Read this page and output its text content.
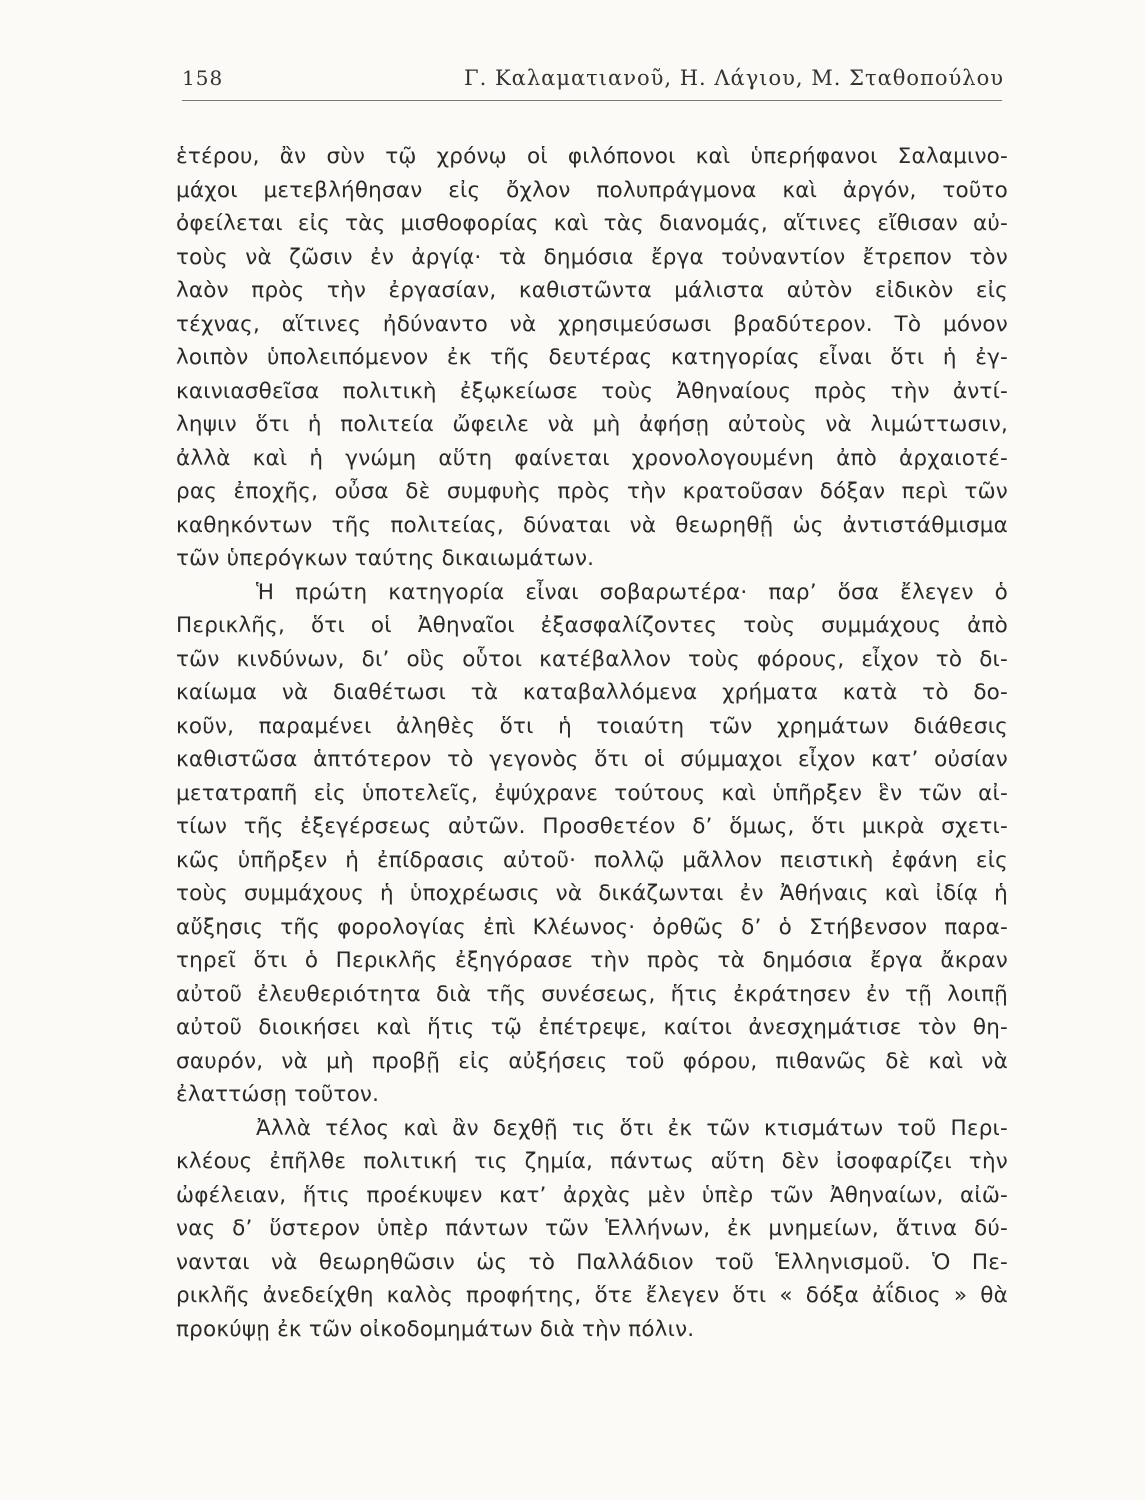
158	Γ. Καλαματιανοῦ, Η. Λάγιου, Μ. Σταθοπούλου
ἑτέρου, ἂν σὺν τῷ χρόνῳ οἱ φιλόπονοι καὶ ὑπερήφανοι Σαλαμινο-
μάχοι μετεβλήθησαν εἰς ὄχλον πολυπράγμονα καὶ ἀργόν, τοῦτο
ὀφείλεται εἰς τὰς μισθοφορίας καὶ τὰς διανομάς, αἵτινες εἴθισαν αὐ-
τοὺς νὰ ζῶσιν ἐν ἀργίᾳ· τὰ δημόσια ἔργα τοὐναντίον ἔτρεπον τὸν
λαὸν πρὸς τὴν ἐργασίαν, καθιστῶντα μάλιστα αὐτὸν εἰδικὸν εἰς
τέχνας, αἵτινες ἠδύναντο νὰ χρησιμεύσωσι βραδύτερον. Τὸ μόνον
λοιπὸν ὑπολειπόμενον ἐκ τῆς δευτέρας κατηγορίας εἶναι ὅτι ἡ ἐγ-
καινιασθεῖσα πολιτικὴ ἐξῳκείωσε τοὺς Ἀθηναίους πρὸς τὴν ἀντί-
ληψιν ὅτι ἡ πολιτεία ὤφειλε νὰ μὴ ἀφήσῃ αὐτοὺς νὰ λιμώττωσιν,
ἀλλὰ καὶ ἡ γνώμη αὕτη φαίνεται χρονολογουμένη ἀπὸ ἀρχαιοτέ-
ρας ἐποχῆς, οὖσα δὲ συμφυὴς πρὸς τὴν κρατοῦσαν δόξαν περὶ τῶν
καθηκόντων τῆς πολιτείας, δύναται νὰ θεωρηθῇ ὡς ἀντιστάθμισμα
τῶν ὑπερόγκων ταύτης δικαιωμάτων.
Ἡ πρώτη κατηγορία εἶναι σοβαρωτέρα· παρ’ ὅσα ἔλεγεν ὁ
Περικλῆς, ὅτι οἱ Ἀθηναῖοι ἐξασφαλίζοντες τοὺς συμμάχους ἀπὸ
τῶν κινδύνων, δι’ οὓς οὗτοι κατέβαλλον τοὺς φόρους, εἶχον τὸ δι-
καίωμα νὰ διαθέτωσι τὰ καταβαλλόμενα χρήματα κατὰ τὸ δο-
κοῦν, παραμένει ἀληθὲς ὅτι ἡ τοιαύτη τῶν χρημάτων διάθεσις
καθιστῶσα ἁπτότερον τὸ γεγονὸς ὅτι οἱ σύμμαχοι εἶχον κατ’ οὐσίαν
μετατραπῆ εἰς ὑποτελεῖς, ἐψύχρανε τούτους καὶ ὑπῆρξεν ἓν τῶν αἰ-
τίων τῆς ἐξεγέρσεως αὐτῶν. Προσθετέον δ’ ὅμως, ὅτι μικρὰ σχετι-
κῶς ὑπῆρξεν ἡ ἐπίδρασις αὐτοῦ· πολλῷ μᾶλλον πειστικὴ ἐφάνη εἰς
τοὺς συμμάχους ἡ ὑποχρέωσις νὰ δικάζωνται ἐν Ἀθήναις καὶ ἰδίᾳ ἡ
αὔξησις τῆς φορολογίας ἐπὶ Κλέωνος· ὀρθῶς δ’ ὁ Στήβενσον παρα-
τηρεῖ ὅτι ὁ Περικλῆς ἐξηγόρασε τὴν πρὸς τὰ δημόσια ἔργα ἄκραν
αὐτοῦ ἐλευθεριότητα διὰ τῆς συνέσεως, ἥτις ἐκράτησεν ἐν τῇ λοιπῇ
αὐτοῦ διοικήσει καὶ ἥτις τῷ ἐπέτρεψε, καίτοι ἀνεσχημάτισε τὸν θη-
σαυρόν, νὰ μὴ προβῇ εἰς αὐξήσεις τοῦ φόρου, πιθανῶς δὲ καὶ νὰ
ἐλαττώσῃ τοῦτον.
Ἀλλὰ τέλος καὶ ἂν δεχθῇ τις ὅτι ἐκ τῶν κτισμάτων τοῦ Περι-
κλέους ἐπῆλθε πολιτική τις ζημία, πάντως αὕτη δὲν ἰσοφαρίζει τὴν
ὠφέλειαν, ἥτις προέκυψεν κατ’ ἀρχὰς μὲν ὑπὲρ τῶν Ἀθηναίων, αἰῶ-
νας δ’ ὕστερον ὑπὲρ πάντων τῶν Ἑλλήνων, ἐκ μνημείων, ἅτινα δύ-
νανται νὰ θεωρηθῶσιν ὡς τὸ Παλλάδιον τοῦ Ἑλληνισμοῦ. Ὁ Πε-
ρικλῆς ἀνεδείχθη καλὸς προφήτης, ὅτε ἔλεγεν ὅτι « δόξα ἀΐδιος » θὰ
προκύψῃ ἐκ τῶν οἰκοδομημάτων διὰ τὴν πόλιν.
